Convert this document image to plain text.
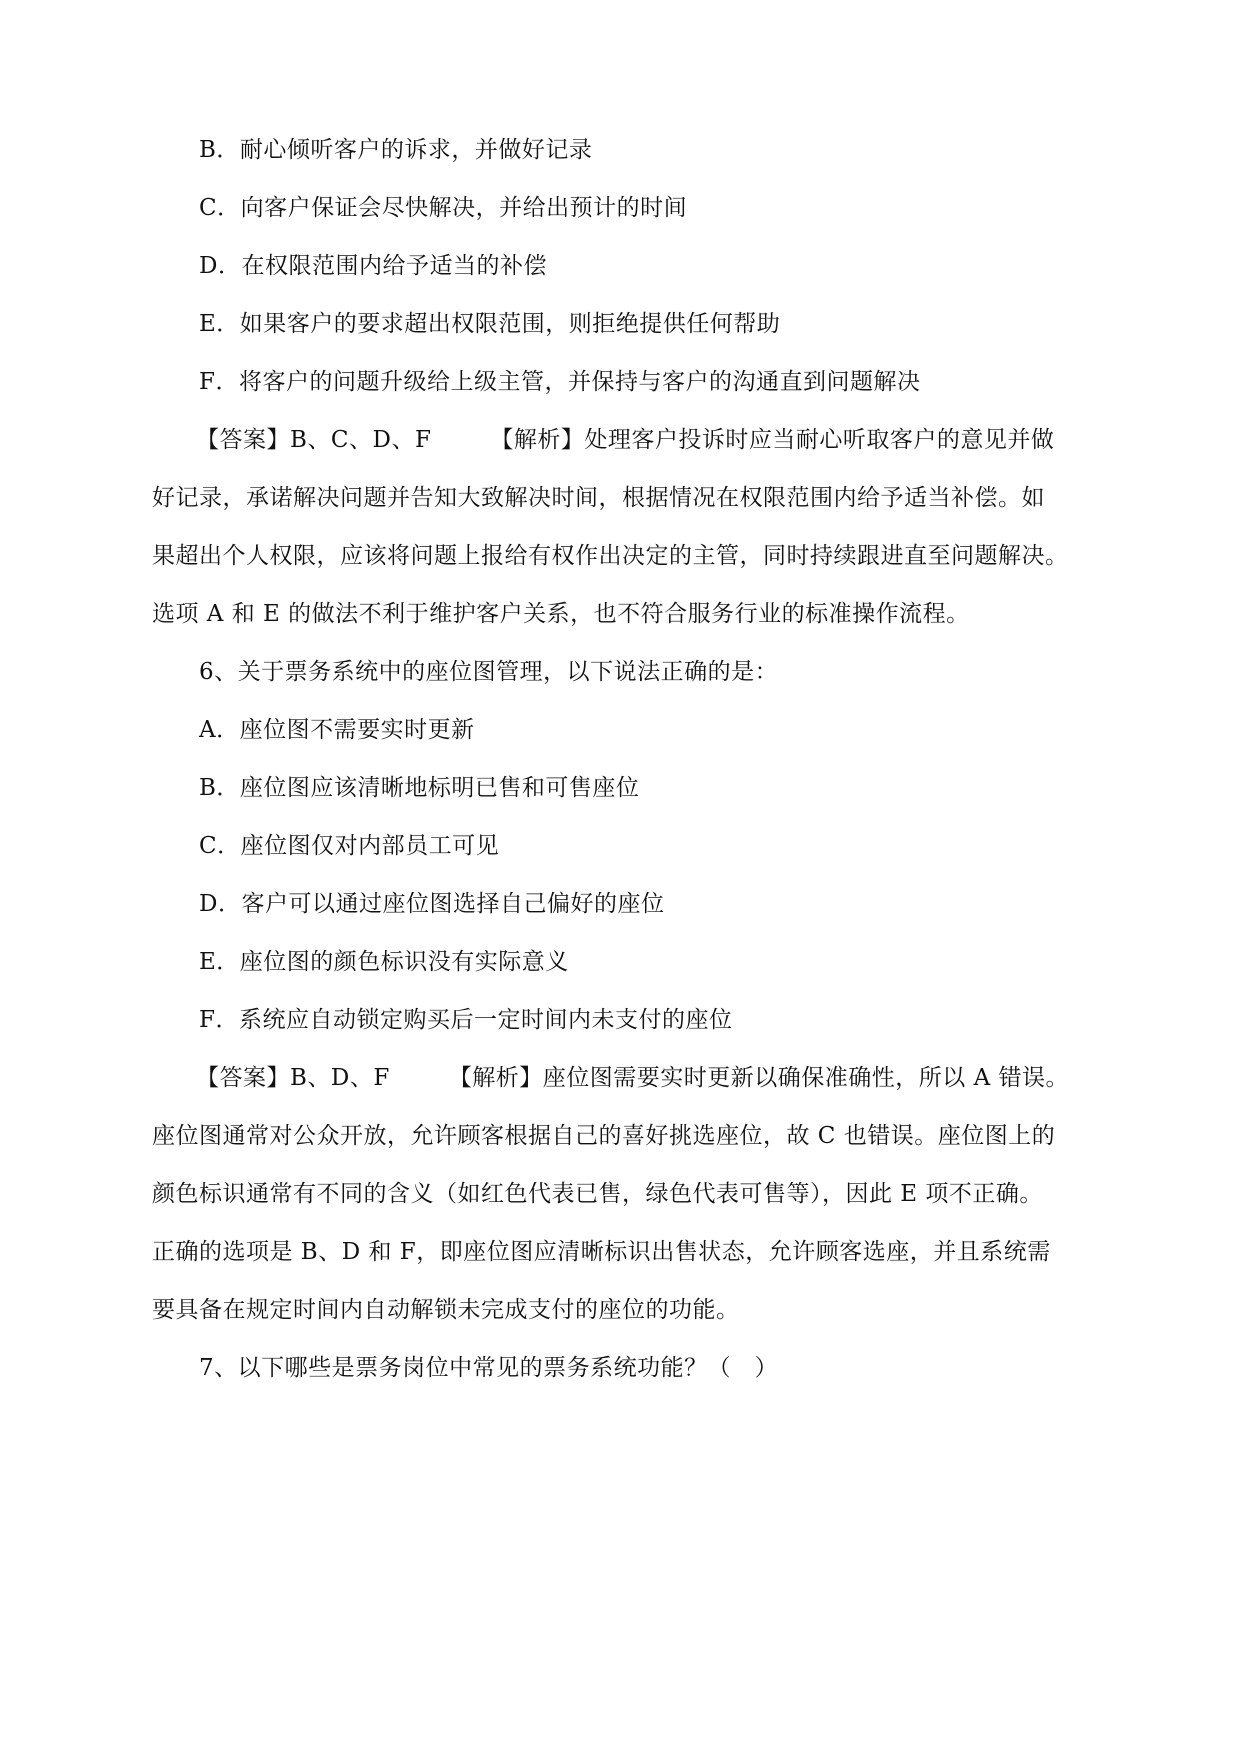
B．耐心倾听客户的诉求，并做好记录
C．向客户保证会尽快解决，并给出预计的时间
D．在权限范围内给予适当的补偿
E．如果客户的要求超出权限范围，则拒绝提供任何帮助
F．将客户的问题升级给上级主管，并保持与客户的沟通直到问题解决
【答案】B、C、D、F　　　【解析】处理客户投诉时应当耐心听取客户的意见并做
好记录，承诺解决问题并告知大致解决时间，根据情况在权限范围内给予适当补偿。如
果超出个人权限，应该将问题上报给有权作出决定的主管，同时持续跟进直至问题解决。
选项 A 和 E 的做法不利于维护客户关系，也不符合服务行业的标准操作流程。
6、关于票务系统中的座位图管理，以下说法正确的是：
A．座位图不需要实时更新
B．座位图应该清晰地标明已售和可售座位
C．座位图仅对内部员工可见
D．客户可以通过座位图选择自己偏好的座位
E．座位图的颜色标识没有实际意义
F．系统应自动锁定购买后一定时间内未支付的座位
【答案】B、D、F　　　【解析】座位图需要实时更新以确保准确性，所以 A 错误。
座位图通常对公众开放，允许顾客根据自己的喜好挑选座位，故 C 也错误。座位图上的
颜色标识通常有不同的含义（如红色代表已售，绿色代表可售等），因此 E 项不正确。
正确的选项是 B、D 和 F，即座位图应清晰标识出售状态，允许顾客选座，并且系统需
要具备在规定时间内自动解锁未完成支付的座位的功能。
7、以下哪些是票务岗位中常见的票务系统功能？（　）
